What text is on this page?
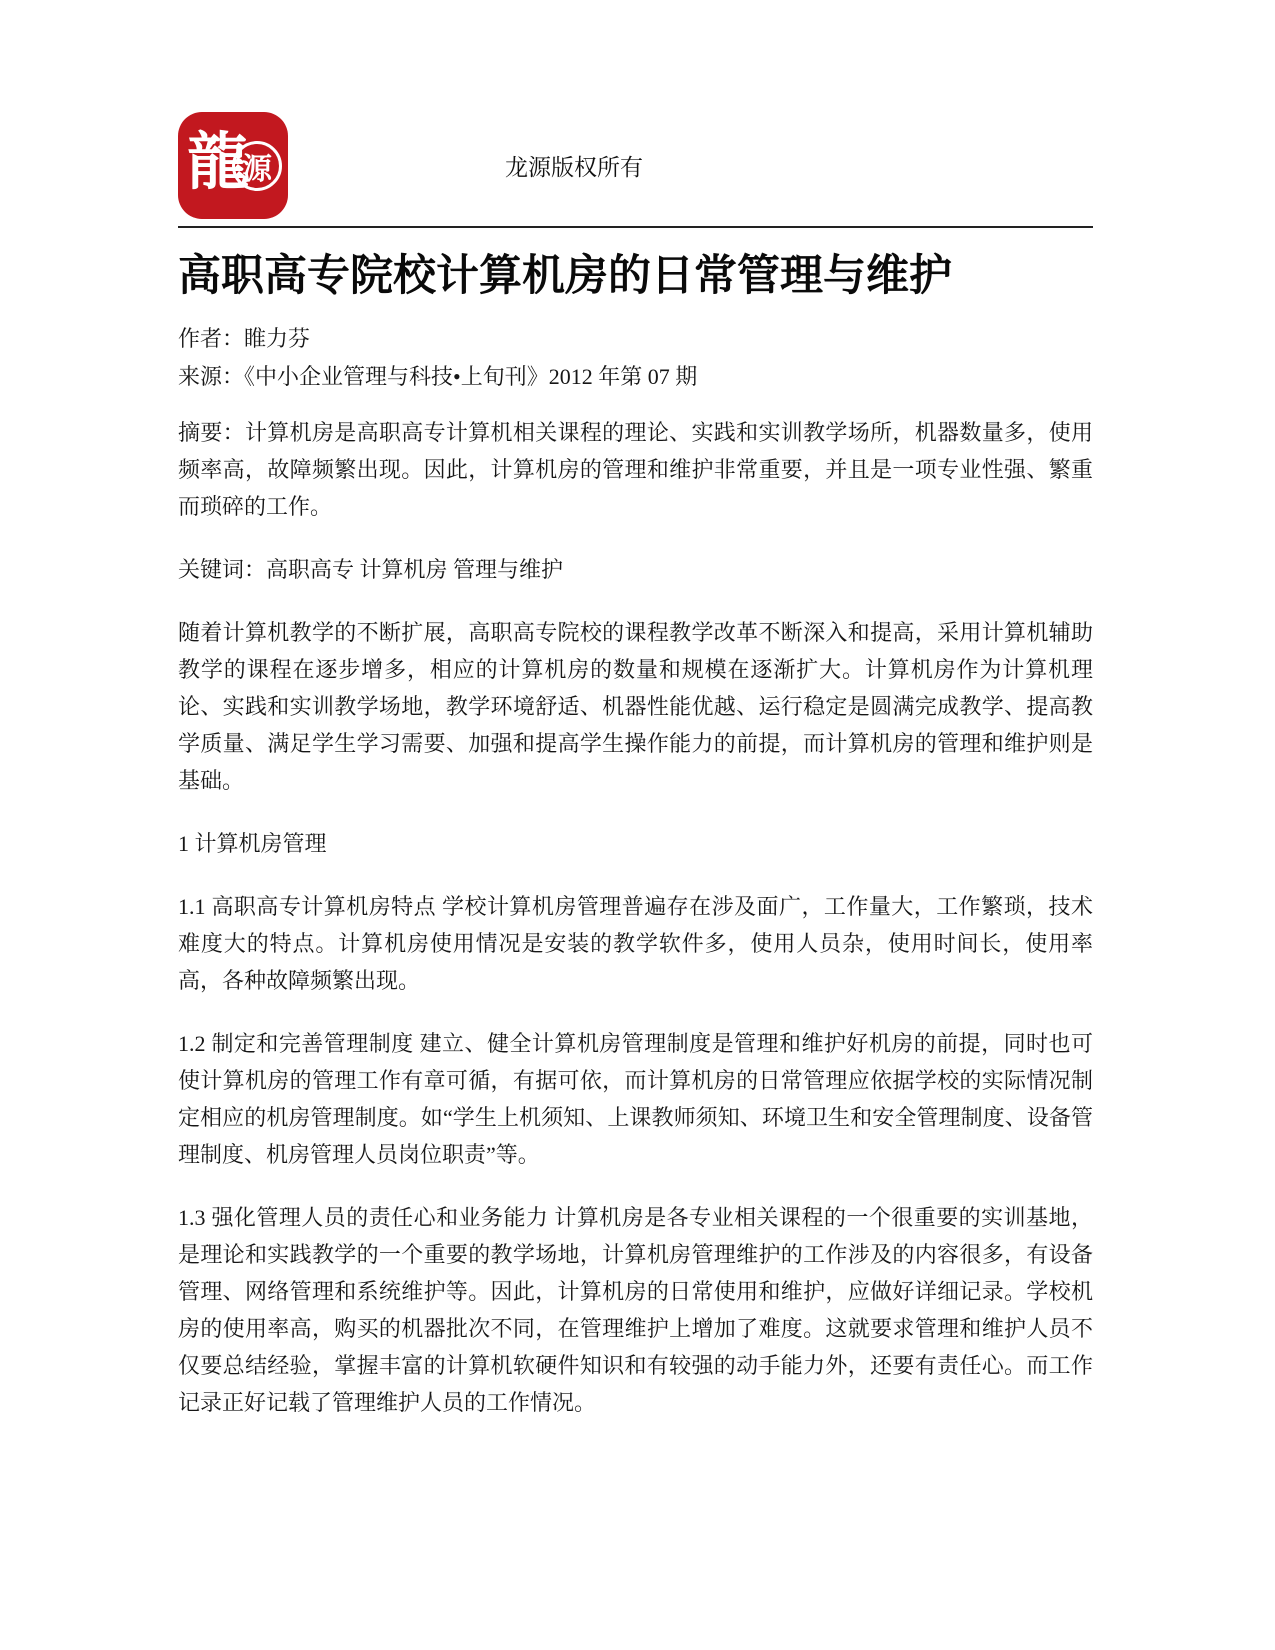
龍
源	龙源版权所有
高职高专院校计算机房的日常管理与维护

作者：睢力芬

来源：《中小企业管理与科技•上旬刊》2012 年第 07 期

摘要：计算机房是高职高专计算机相关课程的理论、实践和实训教学场所，机器数量多，使用频率高，故障频繁出现。因此，计算机房的管理和维护非常重要，并且是一项专业性强、繁重而琐碎的工作。

关键词：高职高专 计算机房 管理与维护

随着计算机教学的不断扩展，高职高专院校的课程教学改革不断深入和提高，采用计算机辅助教学的课程在逐步增多，相应的计算机房的数量和规模在逐渐扩大。计算机房作为计算机理论、实践和实训教学场地，教学环境舒适、机器性能优越、运行稳定是圆满完成教学、提高教学质量、满足学生学习需要、加强和提高学生操作能力的前提，而计算机房的管理和维护则是基础。

1 计算机房管理

1.1 高职高专计算机房特点 学校计算机房管理普遍存在涉及面广，工作量大，工作繁琐，技术难度大的特点。计算机房使用情况是安装的教学软件多，使用人员杂，使用时间长，使用率高，各种故障频繁出现。

1.2 制定和完善管理制度 建立、健全计算机房管理制度是管理和维护好机房的前提，同时也可使计算机房的管理工作有章可循，有据可依，而计算机房的日常管理应依据学校的实际情况制定相应的机房管理制度。如“学生上机须知、上课教师须知、环境卫生和安全管理制度、设备管理制度、机房管理人员岗位职责”等。

1.3 强化管理人员的责任心和业务能力 计算机房是各专业相关课程的一个很重要的实训基地，是理论和实践教学的一个重要的教学场地，计算机房管理维护的工作涉及的内容很多，有设备管理、网络管理和系统维护等。因此，计算机房的日常使用和维护，应做好详细记录。学校机房的使用率高，购买的机器批次不同，在管理维护上增加了难度。这就要求管理和维护人员不仅要总结经验，掌握丰富的计算机软硬件知识和有较强的动手能力外，还要有责任心。而工作记录正好记载了管理维护人员的工作情况。
